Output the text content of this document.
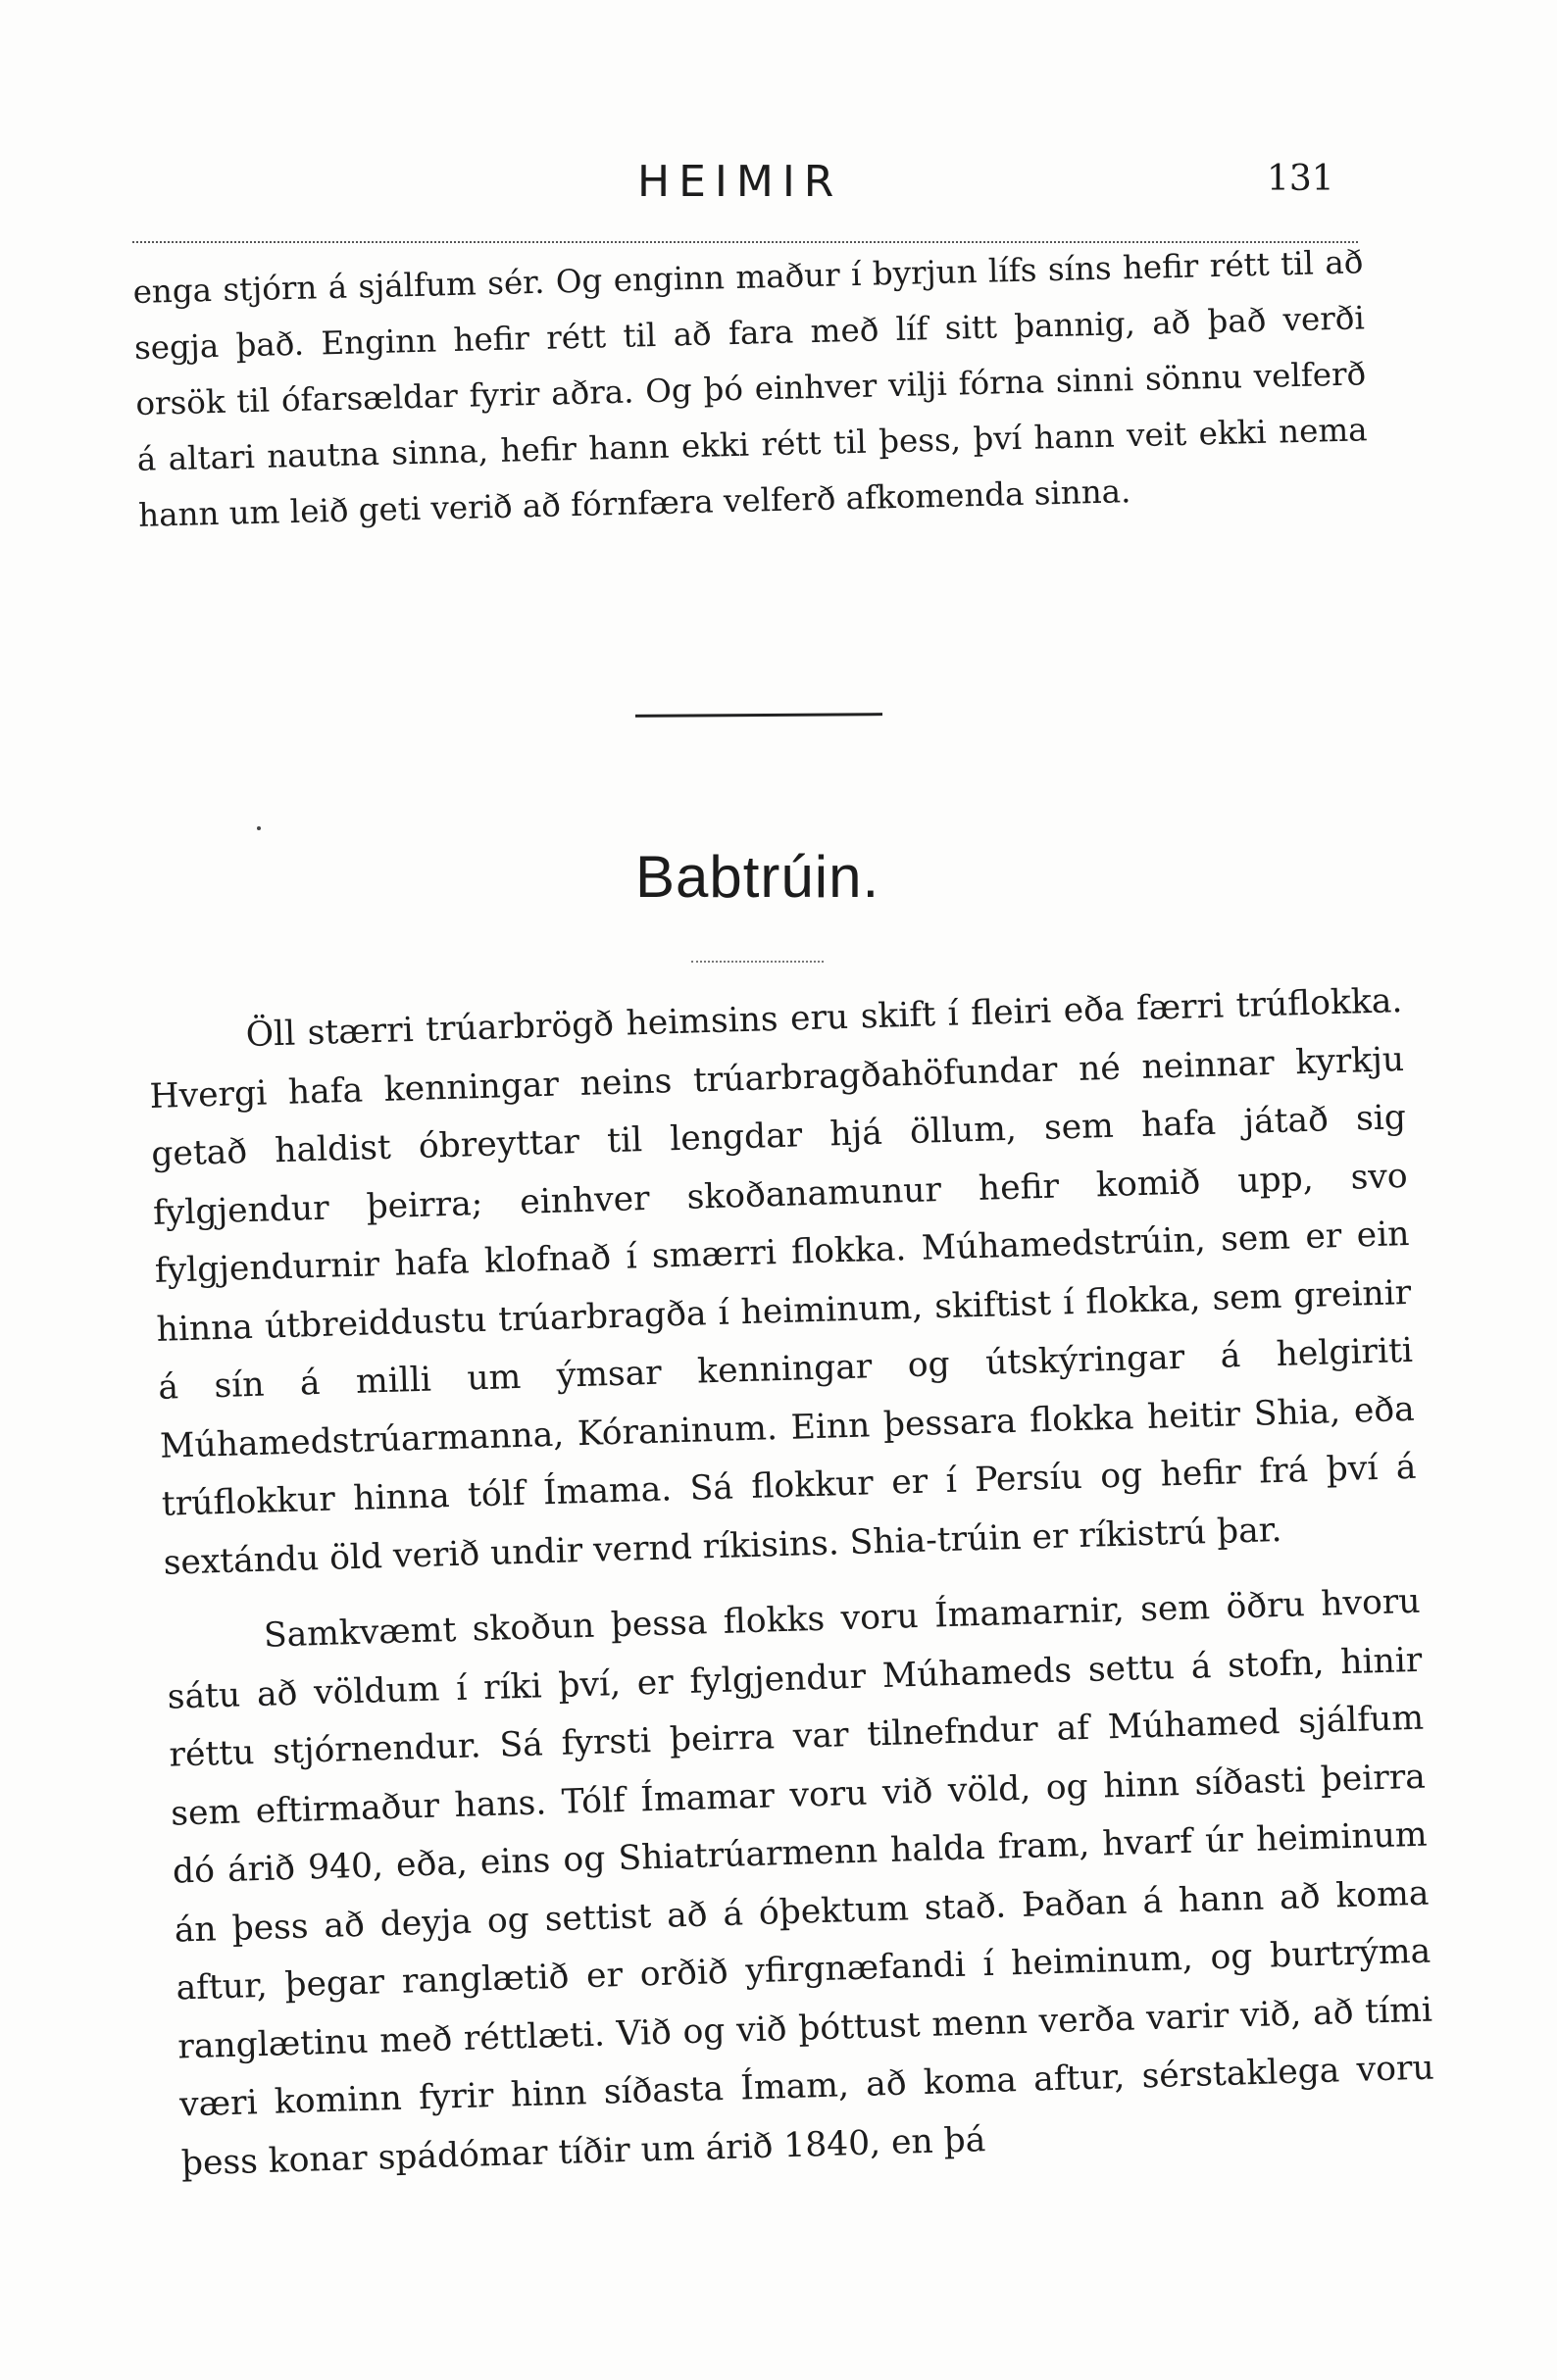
HEIMIR	131

enga stjórn á sjálfum sér. Og enginn maður í byrjun lífs síns hefir rétt til að segja það. Enginn hefir rétt til að fara með líf sitt þannig, að það verði orsök til ófarsældar fyrir aðra. Og þó einhver vilji fórna sinni sönnu velferð á altari nautna sinna, hefir hann ekki rétt til þess, því hann veit ekki nema hann um leið geti verið að fórnfæra velferð afkomenda sinna.

Babtrúin.

Öll stærri trúarbrögð heimsins eru skift í fleiri eða færri trúflokka. Hvergi hafa kenningar neins trúarbragðahöfundar né neinnar kyrkju getað haldist óbreyttar til lengdar hjá öllum, sem hafa játað sig fylgjendur þeirra; einhver skoðanamunur hefir komið upp, svo fylgjendurnir hafa klofnað í smærri flokka. Múhamedstrúin, sem er ein hinna útbreiddustu trúarbragða í heiminum, skiftist í flokka, sem greinir á sín á milli um ýmsar kenningar og útskýringar á helgiriti Múhamedstrúarmanna, Kóraninum. Einn þessara flokka heitir Shia, eða trúflokkur hinna tólf Ímama. Sá flokkur er í Persíu og hefir frá því á sextándu öld verið undir vernd ríkisins. Shia-trúin er ríkistrú þar.

Samkvæmt skoðun þessa flokks voru Ímamarnir, sem öðru hvoru sátu að völdum í ríki því, er fylgjendur Múhameds settu á stofn, hinir réttu stjórnendur. Sá fyrsti þeirra var tilnefndur af Múhamed sjálfum sem eftirmaður hans. Tólf Ímamar voru við völd, og hinn síðasti þeirra dó árið 940, eða, eins og Shiatrúarmenn halda fram, hvarf úr heiminum án þess að deyja og settist að á óþektum stað. Þaðan á hann að koma aftur, þegar ranglætið er orðið yfirgnæfandi í heiminum, og burtrýma ranglætinu með réttlæti. Við og við þóttust menn verða varir við, að tími væri kominn fyrir hinn síðasta Ímam, að koma aftur, sérstaklega voru þess konar spádómar tíðir um árið 1840, en þá
